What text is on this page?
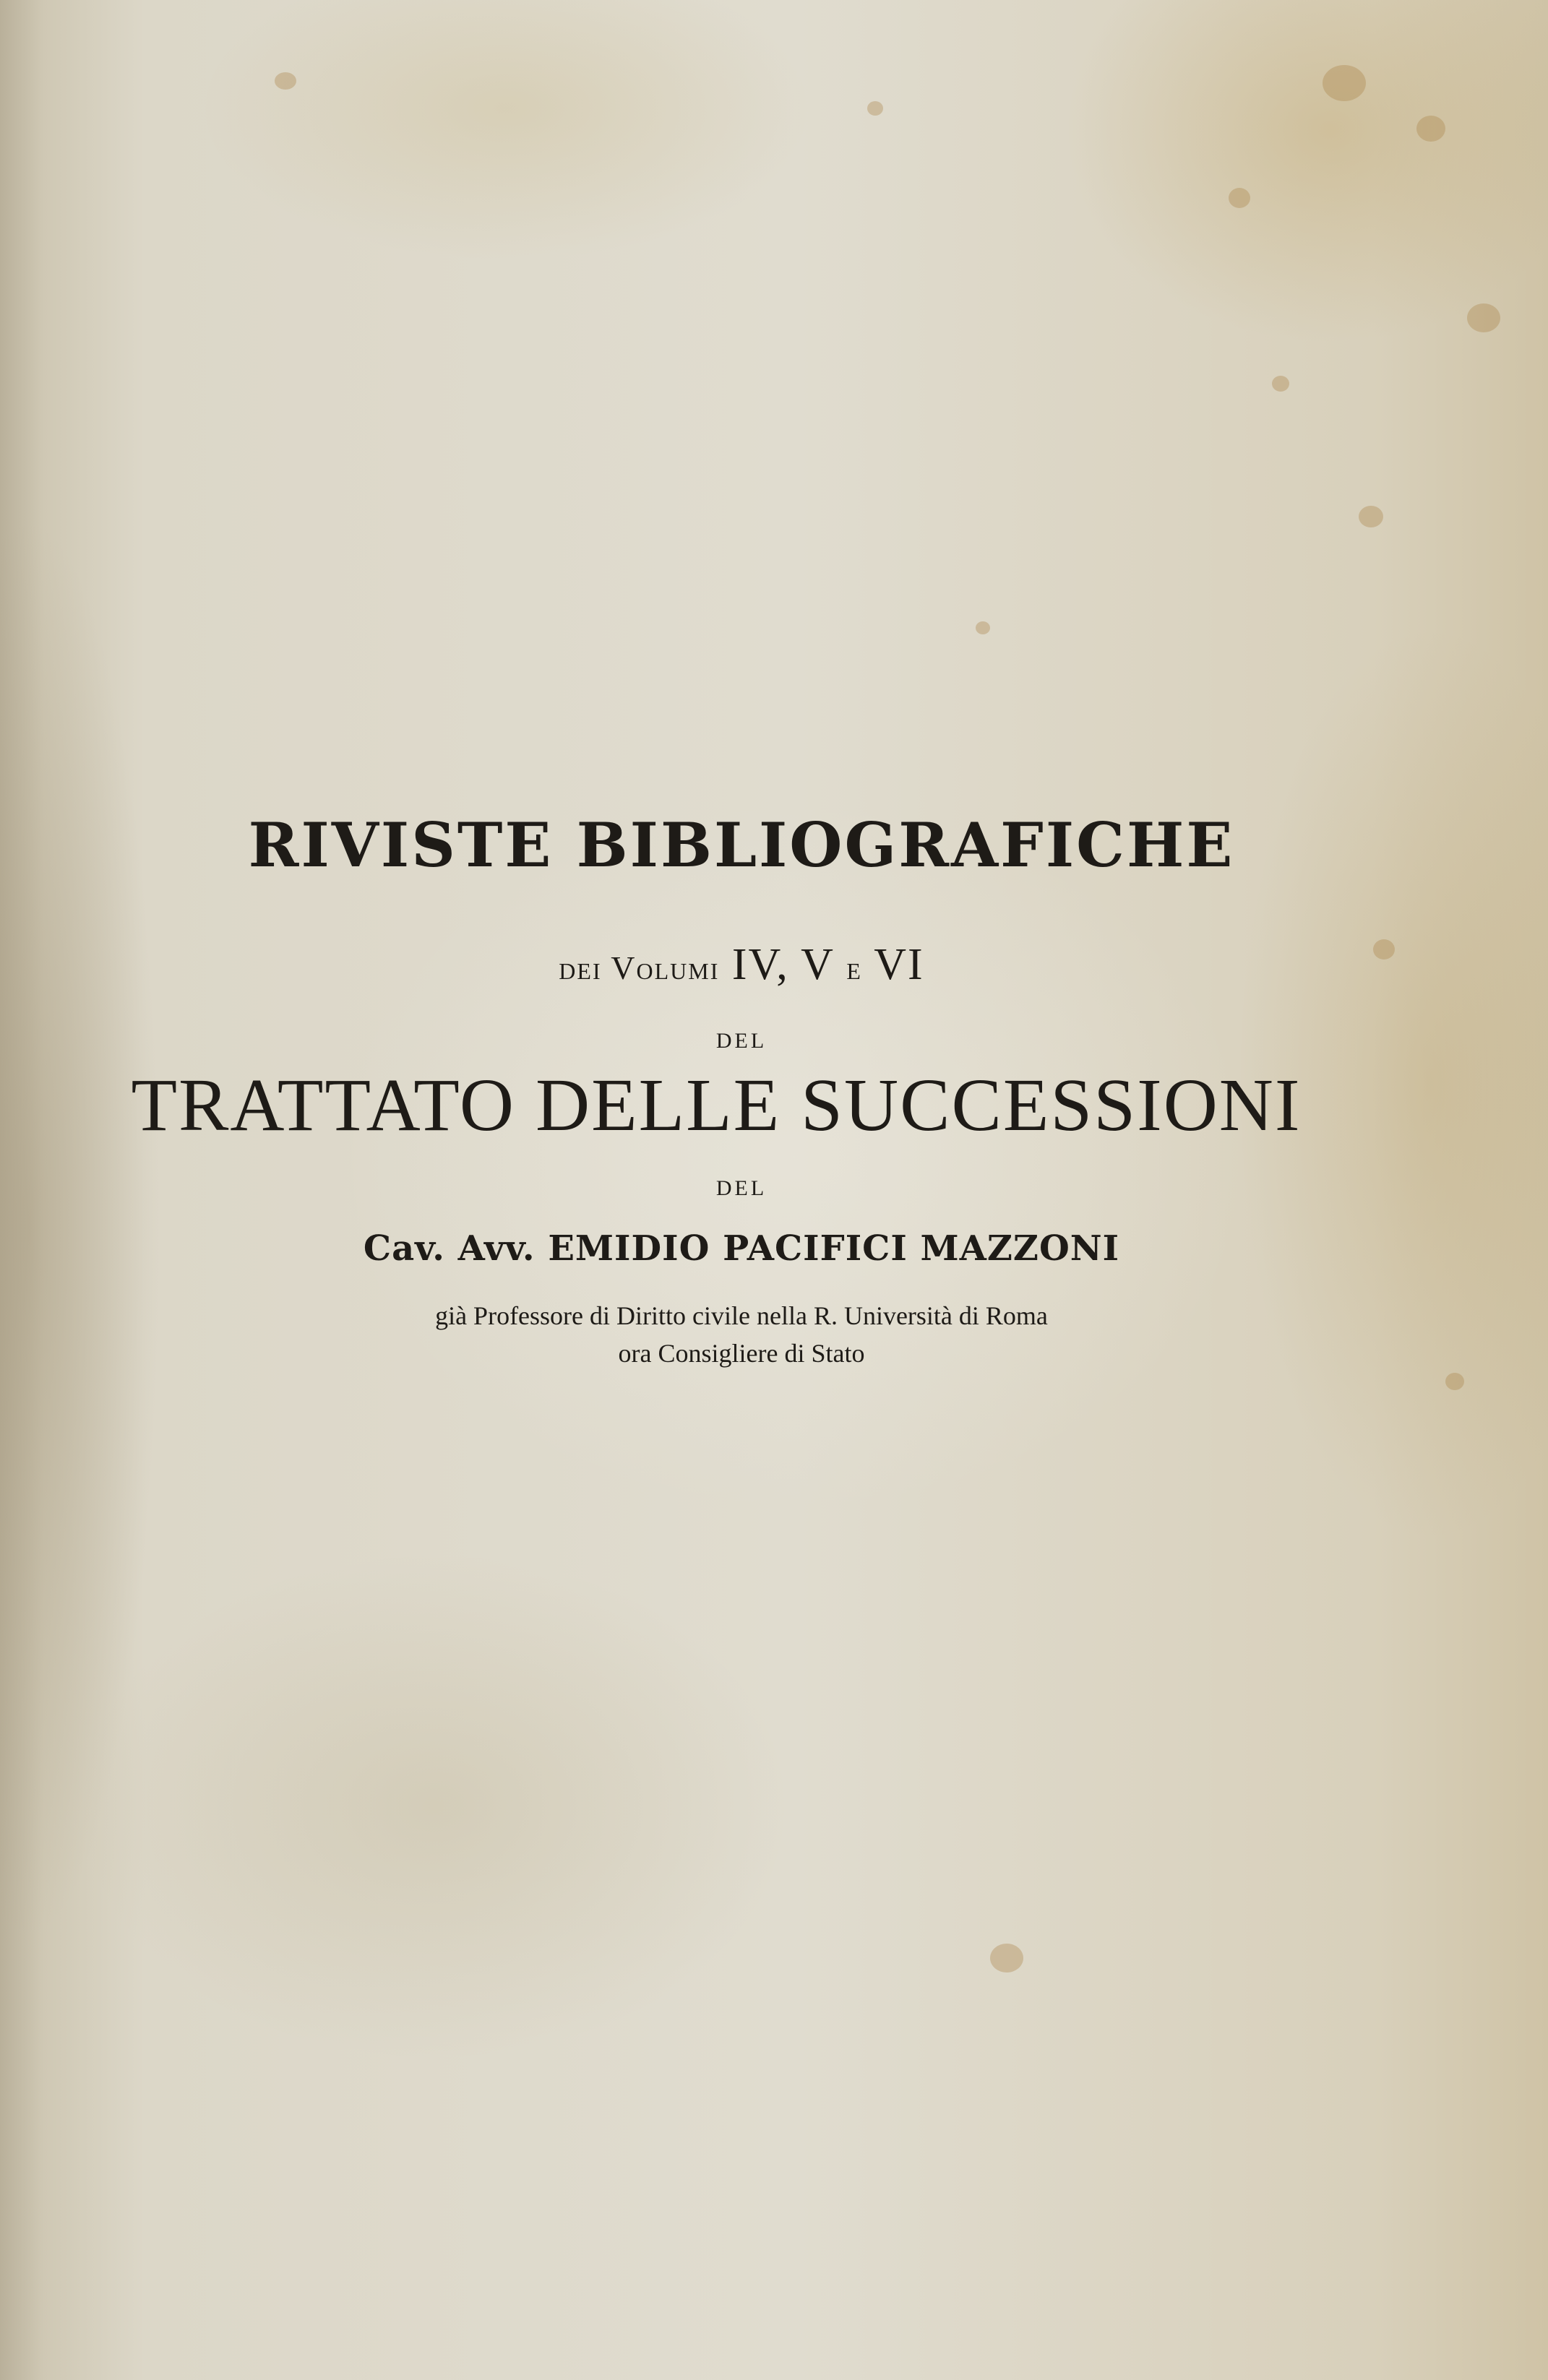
RIVISTE BIBLIOGRAFICHE
dei Volumi IV, V e VI
DEL
TRATTATO DELLE SUCCESSIONI
DEL
Cav. Avv. EMIDIO PACIFICI MAZZONI
già Professore di Diritto civile nella R. Università di Roma
ora Consigliere di Stato
